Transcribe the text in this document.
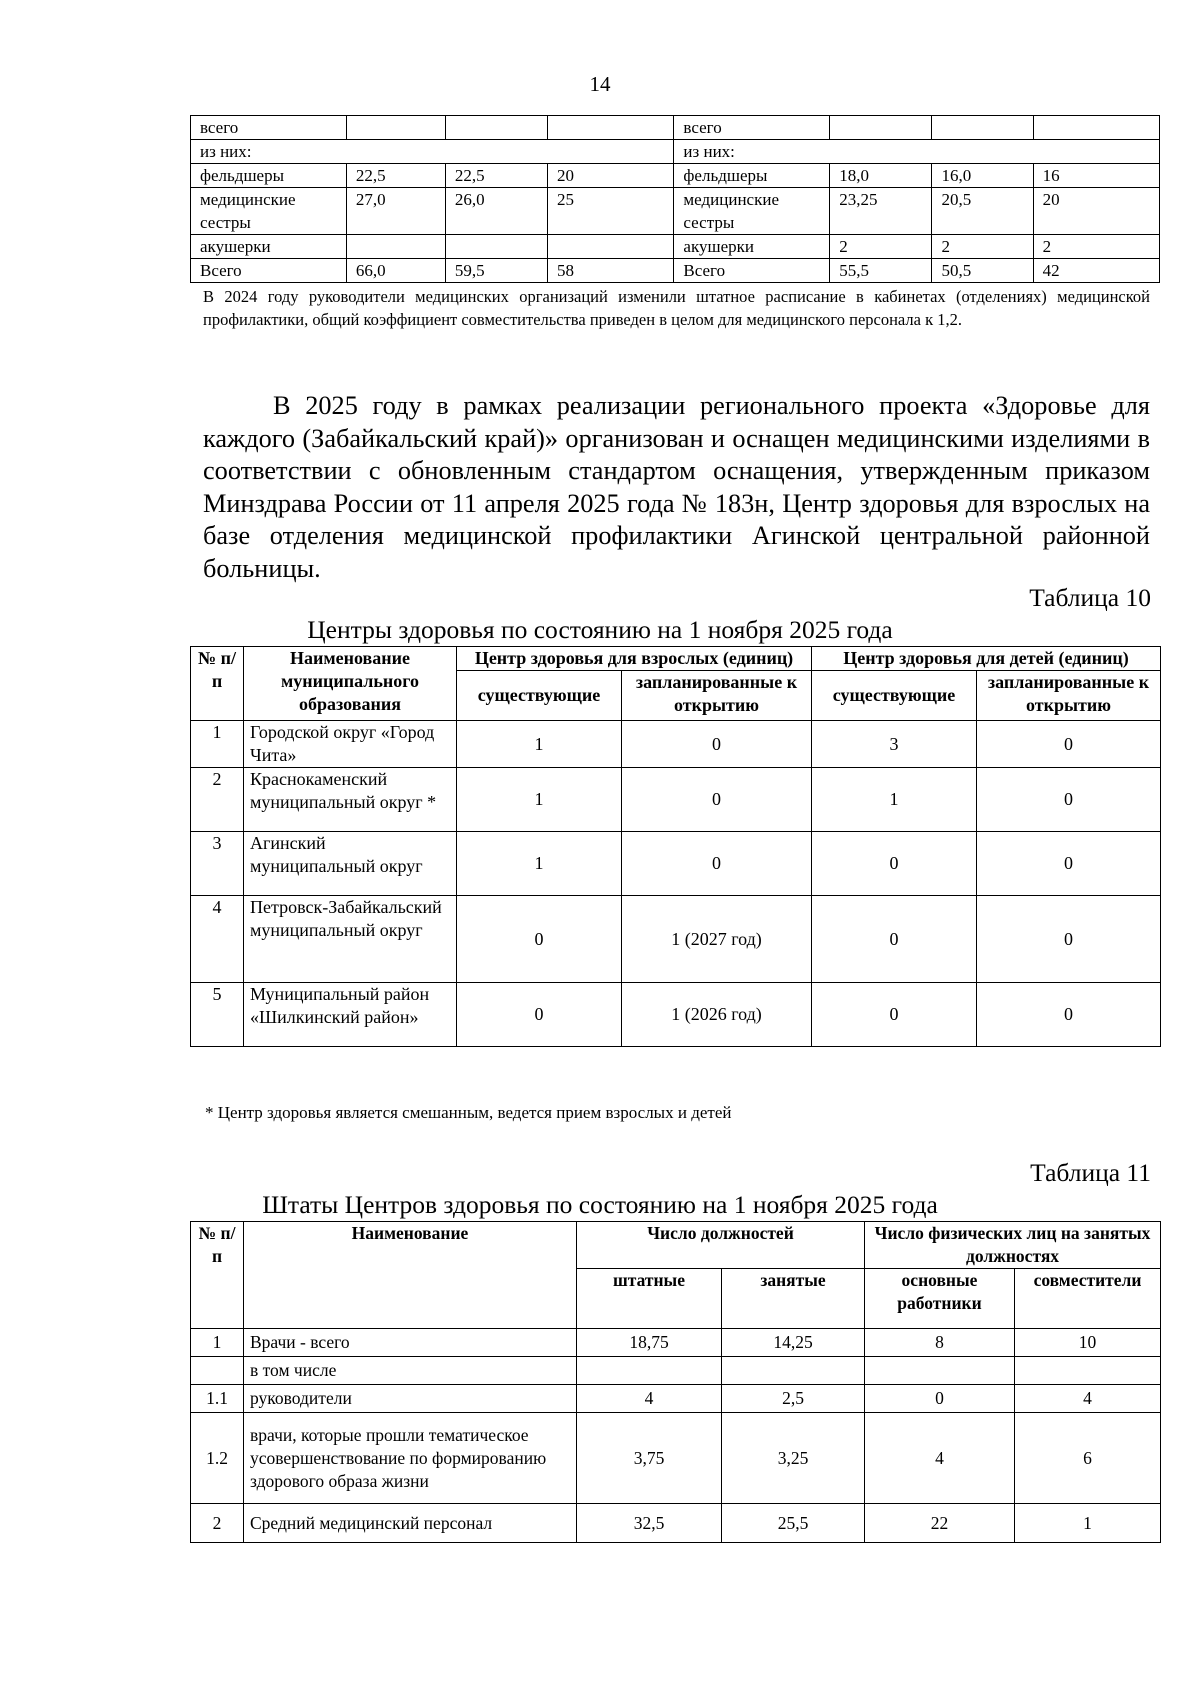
14
всего				всего			
из них:				из них:			
фельдшеры	22,5	22,5	20	фельдшеры	18,0	16,0	16
медицинские сестры	27,0	26,0	25	медицинские сестры	23,25	20,5	20
акушерки				акушерки	2	2	2
Всего	66,0	59,5	58	Всего	55,5	50,5	42
В 2024 году руководители медицинских организаций изменили штатное расписание в кабинетах (отделениях) медицинской профилактики, общий коэффициент совместительства приведен в целом для медицинского персонала к 1,2.

В 2025 году в рамках реализации регионального проекта «Здоровье для каждого (Забайкальский край)» организован и оснащен медицинскими изделиями в соответствии с обновленным стандартом оснащения, утвержденным приказом Минздрава России от 11 апреля 2025 года № 183н, Центр здоровья для взрослых на базе отделения медицинской профилактики Агинской центральной районной больницы.

Таблица 10
Центры здоровья по состоянию на 1 ноября 2025 года
№ п/п	Наименование муниципального образования	Центр здоровья для взрослых (единиц)		Центр здоровья для детей (единиц)	
		существующие	запланированные к открытию	существующие	запланированные к открытию
1	Городской округ «Город Чита»	1	0	3	0
2	Краснокаменский муниципальный округ *	1	0	1	0
3	Агинский муниципальный округ	1	0	0	0
4	Петровск-Забайкальский муниципальный округ	0	1 (2027 год)	0	0
5	Муниципальный район «Шилкинский район»	0	1 (2026 год)	0	0
* Центр здоровья является смешанным, ведется прием взрослых и детей
Таблица 11
Штаты Центров здоровья по состоянию на 1 ноября 2025 года
№ п/п	Наименование	Число должностей		Число физических лиц на занятых должностях	
		штатные	занятые	основные работники	совместители
1	Врачи - всего	18,75	14,25	8	10
	в том числе				
1.1	руководители	4	2,5	0	4
1.2	врачи, которые прошли тематическое усовершенствование по формированию здорового образа жизни	3,75	3,25	4	6
2	Средний медицинский персонал	32,5	25,5	22	1
